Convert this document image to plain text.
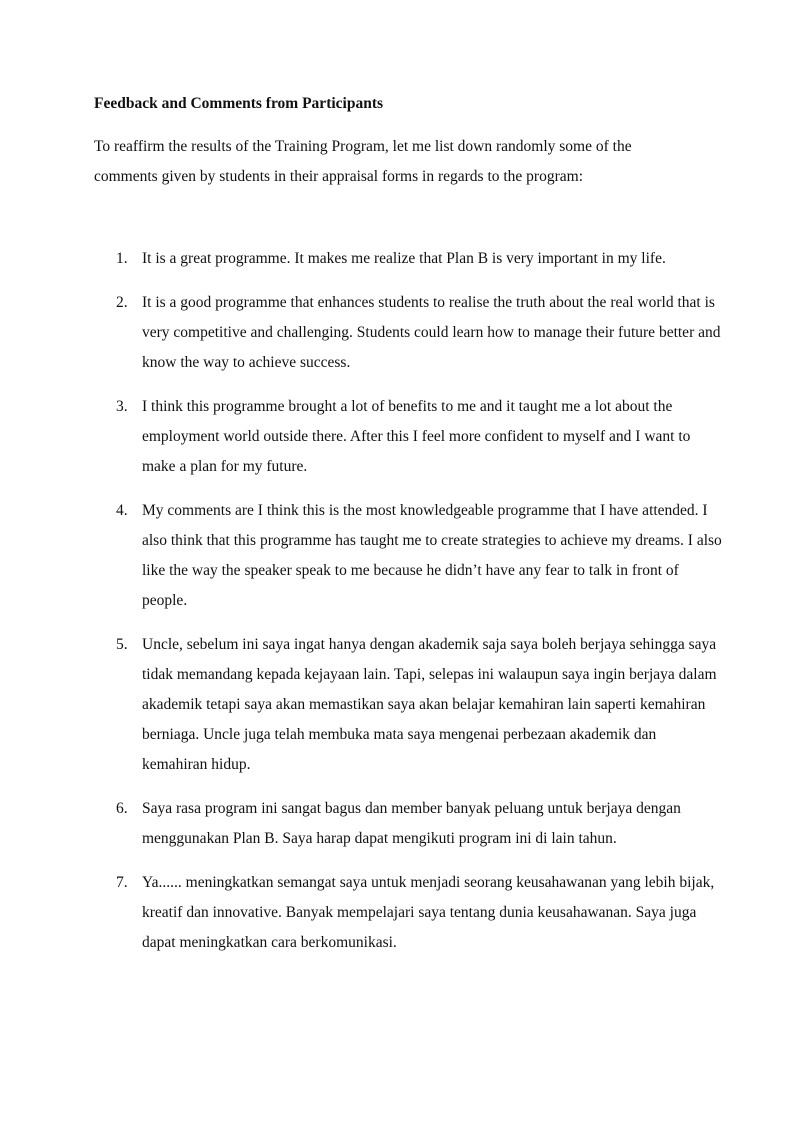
Feedback and Comments from Participants

To reaffirm the results of the Training Program, let me list down randomly some of the comments given by students in their appraisal forms in regards to the program:

1. It is a great programme. It makes me realize that Plan B is very important in my life.
2. It is a good programme that enhances students to realise the truth about the real world that is very competitive and challenging. Students could learn how to manage their future better and know the way to achieve success.
3. I think this programme brought a lot of benefits to me and it taught me a lot about the employment world outside there. After this I feel more confident to myself and I want to make a plan for my future.
4. My comments are I think this is the most knowledgeable programme that I have attended. I also think that this programme has taught me to create strategies to achieve my dreams. I also like the way the speaker speak to me because he didn’t have any fear to talk in front of people.
5. Uncle, sebelum ini saya ingat hanya dengan akademik saja saya boleh berjaya sehingga saya tidak memandang kepada kejayaan lain. Tapi, selepas ini walaupun saya ingin berjaya dalam akademik tetapi saya akan memastikan saya akan belajar kemahiran lain saperti kemahiran berniaga. Uncle juga telah membuka mata saya mengenai perbezaan akademik dan kemahiran hidup.
6. Saya rasa program ini sangat bagus dan member banyak peluang untuk berjaya dengan menggunakan Plan B. Saya harap dapat mengikuti program ini di lain tahun.
7. Ya...... meningkatkan semangat saya untuk menjadi seorang keusahawanan yang lebih bijak, kreatif dan innovative. Banyak mempelajari saya tentang dunia keusahawanan. Saya juga dapat meningkatkan cara berkomunikasi.
